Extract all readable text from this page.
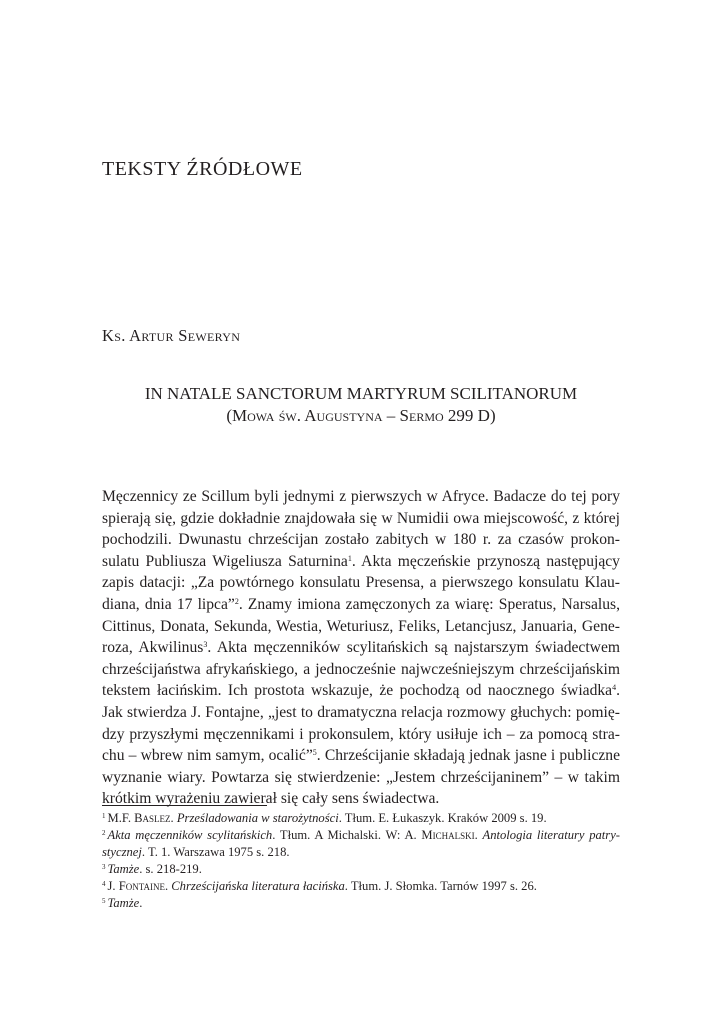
TEKSTY ŹRÓDŁOWE
Ks. Artur Seweryn
IN NATALE SANCTORUM MARTYRUM SCILITANORUM
(Mowa św. Augustyna – Sermo 299 D)
Męczennicy ze Scillum byli jednymi z pierwszych w Afryce. Badacze do tej pory
spierają się, gdzie dokładnie znajdowała się w Numidii owa miejscowość, z której
pochodzili. Dwunastu chrześcijan zostało zabitych w 180 r. za czasów prokon-
sulatu Publiusza Wigeliusza Saturnina$^1$. Akta męczeńskie przynoszą następujący
zapis datacji: „Za powtórnego konsulatu Presensa, a pierwszego konsulatu Klau-
diana, dnia 17 lipca”$^2$. Znamy imiona zamęczonych za wiarę: Speratus, Narsalus,
Cittinus, Donata, Sekunda, Westia, Weturiusz, Feliks, Letancjusz, Januaria, Gene-
roza, Akwilinus$^3$. Akta męczenników scylitańskich są najstarszym świadectwem
chrześcijaństwa afrykańskiego, a jednocześnie najwcześniejszym chrześcijańskim
tekstem łacińskim. Ich prostota wskazuje, że pochodzą od naocznego świadka$^4$.
Jak stwierdza J. Fontajne, „jest to dramatyczna relacja rozmowy głuchych: pomię-
dzy przyszłymi męczennikami i prokonsulem, który usiłuje ich – za pomocą stra-
chu – wbrew nim samym, ocalić”$^5$. Chrześcijanie składają jednak jasne i publiczne
wyznanie wiary. Powtarza się stwierdzenie: „Jestem chrześcijaninem” – w takim
krótkim wyrażeniu zawierał się cały sens świadectwa.
$^1$ M.F. Baslez. Prześladowania w starożytności. Tłum. E. Łukaszyk. Kraków 2009 s. 19.
$^2$ Akta męczenników scylitańskich. Tłum. A Michalski. W: A. Michalski. Antologia literatury patry-
stycznej. T. 1. Warszawa 1975 s. 218.
$^3$ Tamże. s. 218-219.
$^4$ J. Fontaine. Chrześcijańska literatura łacińska. Tłum. J. Słomka. Tarnów 1997 s. 26.
$^5$ Tamże.
